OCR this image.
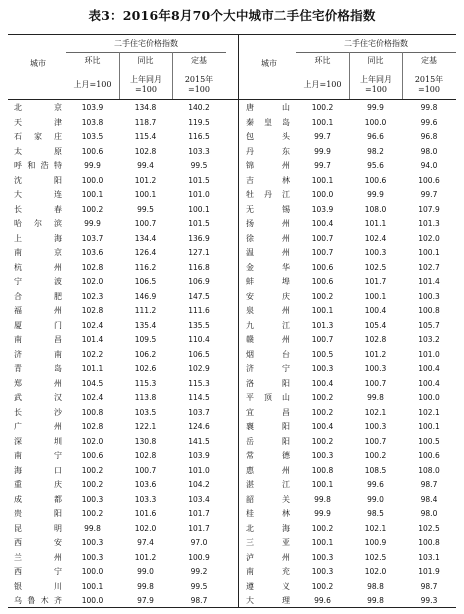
表3：2016年8月70个大中城市二手住宅价格指数
二手住宅价格指数
城市	环比	同比	定基
上月=100
上年同月=100
2015年=100
二手住宅价格指数
城市	环比	同比	定基
上月=100
上年同月=100
2015年=100
北　京	103.9	134.8	140.2
天　津	103.8	118.7	119.5
石家庄	103.5	115.4	116.5
太　原	100.6	102.8	103.3
呼和浩特	99.9	99.4	99.5
沈　阳	100.0	101.2	101.5
大　连	100.1	100.1	101.0
长　春	100.2	99.5	100.1
哈尔滨	99.9	100.7	101.5
上　海	103.7	134.4	136.9
南　京	103.6	126.4	127.1
杭　州	102.8	116.2	116.8
宁　波	102.0	106.5	106.9
合　肥	102.3	146.9	147.5
福　州	102.8	111.2	111.6
厦　门	102.4	135.4	135.5
南　昌	101.4	109.5	110.4
济　南	102.2	106.2	106.5
青　岛	101.1	102.6	102.9
郑　州	104.5	115.3	115.3
武　汉	102.4	113.8	114.5
长　沙	100.8	103.5	103.7
广　州	102.8	122.1	124.6
深　圳	102.0	130.8	141.5
南　宁	100.6	102.8	103.9
海　口	100.2	100.7	101.0
重　庆	100.2	103.6	104.2
成　都	100.3	103.3	103.4
贵　阳	100.2	101.6	101.7
昆　明	99.8	102.0	101.7
西　安	100.3	97.4	97.0
兰　州	100.3	101.2	100.9
西　宁	100.0	99.0	99.2
银　川	100.1	99.8	99.5
乌鲁木齐	100.0	97.9	98.7
唐　山	100.2	99.9	99.8
秦皇岛	100.1	100.0	99.6
包　头	99.7	96.6	96.8
丹　东	99.9	98.2	98.0
锦　州	99.7	95.6	94.0
吉　林	100.1	100.6	100.6
牡丹江	100.0	99.9	99.7
无　锡	103.9	108.0	107.9
扬　州	100.4	101.1	101.3
徐　州	100.7	102.4	102.0
温　州	100.7	100.3	100.1
金　华	100.6	102.5	102.7
蚌　埠	100.6	101.7	101.4
安　庆	100.2	100.1	100.3
泉　州	100.1	100.4	100.8
九　江	101.3	105.4	105.7
赣　州	100.7	102.8	103.2
烟　台	100.5	101.2	101.0
济　宁	100.3	100.3	100.4
洛　阳	100.4	100.7	100.4
平顶山	100.2	99.8	100.0
宜　昌	100.2	102.1	102.1
襄　阳	100.4	100.3	100.1
岳　阳	100.2	100.7	100.5
常　德	100.3	100.2	100.6
惠　州	100.8	108.5	108.0
湛　江	100.1	99.6	98.7
韶　关	99.8	99.0	98.4
桂　林	99.9	98.5	98.0
北　海	100.2	102.1	102.5
三　亚	100.1	100.9	100.8
泸　州	100.3	102.5	103.1
南　充	100.3	102.0	101.9
遵　义	100.2	98.8	98.7
大　理	99.6	99.8	99.3
